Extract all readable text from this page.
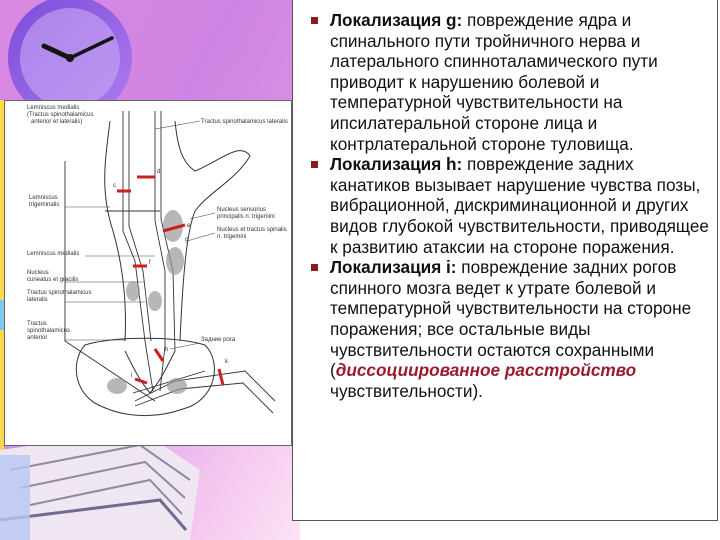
Lemniscus medialis
(Tractus spinothalamicus
anterior et lateralis)	Tractus spinothalamicus lateralis
Lemniscus
trigeminalis
Nucleus sensorius
principalis n. trigemini
Nucleus et tractus spinalis
n. trigemini
Lemniscus medialis
Nucleus
cuneatus et gracilis
Tractus spinothalamicus
lateralis
Tractus
spinothalamicus
anterior	Задние рога
d
c
e
f
g
h
i
k
Локализация g: повреждение ядра и спинального пути тройничного нерва и латерального спинноталамического пути приводит к нарушению болевой и температурной чувствительности на ипсилатеральной стороне лица и контрлатеральной стороне туловища.
Локализация h: повреждение задних канатиков вызывает нарушение чувства позы, вибрационной, дискриминационной и других видов глубокой чувствительности, приводящее к развитию атаксии на стороне поражения.
Локализация i: повреждение задних рогов спинного мозга ведет к утрате болевой и температурной чувствительности на стороне поражения; все остальные виды чувствительности остаются сохранными (диссоциированное расстройство чувствительности).
